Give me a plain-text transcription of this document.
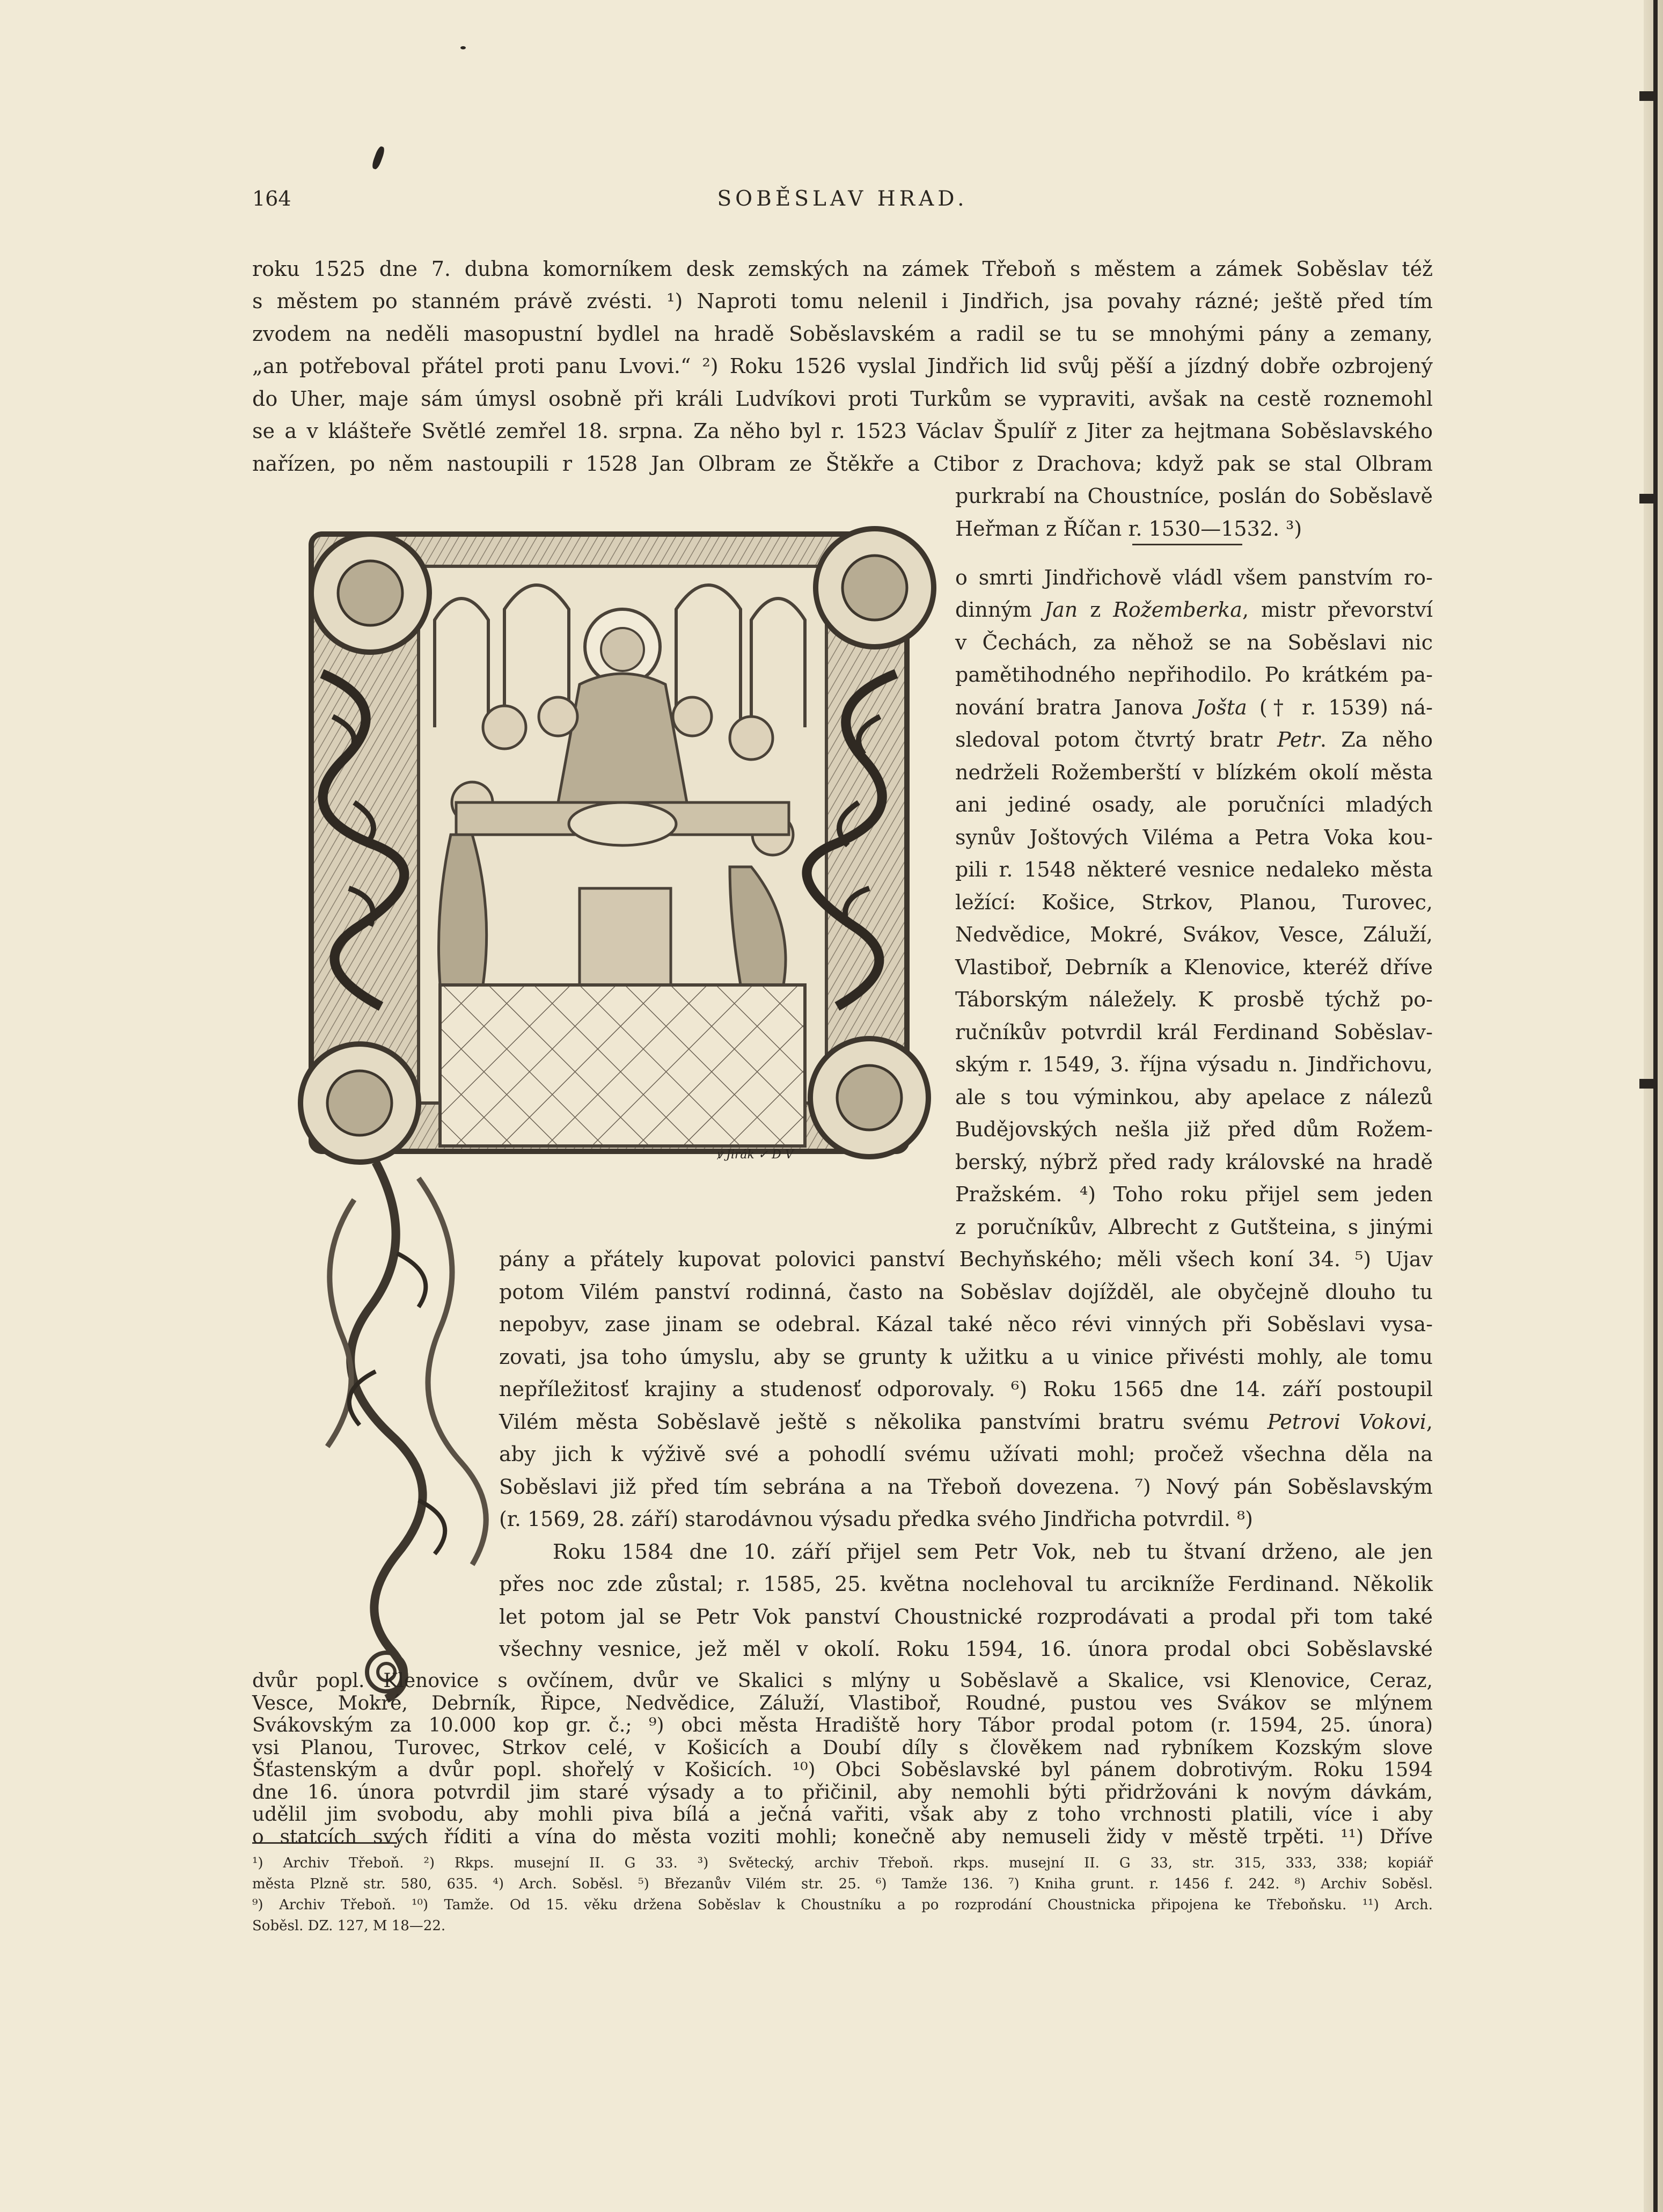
164	SOBĚSLAV HRAD.
roku 1525 dne 7. dubna komorníkem desk zemských na zámek Třeboň s městem a zámek Soběslav též
s městem po stanném právě zvésti. ¹) Naproti tomu nelenil i Jindřich, jsa povahy rázné; ještě před tím
zvodem na neděli masopustní bydlel na hradě Soběslavském a radil se tu se mnohými pány a zemany,
„an potřeboval přátel proti panu Lvovi.“ ²) Roku 1526 vyslal Jindřich lid svůj pěší a jízdný dobře ozbrojený
do Uher, maje sám úmysl osobně při králi Ludvíkovi proti Turkům se vypraviti, avšak na cestě roznemohl
se a v klášteře Světlé zemřel 18. srpna. Za něho byl r. 1523 Václav Špulíř z Jiter za hejtmana Soběslavského
nařízen, po něm nastoupili r 1528 Jan Olbram ze Štěkře a Ctibor z Drachova; když pak se stal Olbram
purkrabí na Choustníce, poslán do Soběslavě
Heřman z Říčan r. 1530—1532. ³)
o smrti Jindřichově vládl všem panstvím ro-
dinným Jan z Rožemberka, mistr převorství
v Čechách, za něhož se na Soběslavi nic
pamětihodného nepřihodilo. Po krátkém pa-
nování bratra Janova Jošta († r. 1539) ná-
sledoval potom čtvrtý bratr Petr. Za něho
nedrželi Rožemberští v blízkém okolí města
ani jediné osady, ale poručníci mladých
synův Joštových Viléma a Petra Voka kou-
pili r. 1548 některé vesnice nedaleko města
ležící: Košice, Strkov, Planou, Turovec,
Nedvědice, Mokré, Svákov, Vesce, Záluží,
Vlastiboř, Debrník a Klenovice, kteréž dříve
Táborským náležely. K prosbě týchž po-
ručníkův potvrdil král Ferdinand Soběslav-
ským r. 1549, 3. října výsadu n. Jindřichovu,
ale s tou výminkou, aby apelace z nálezů
Budějovských nešla již před dům Rožem-
berský, nýbrž před rady královské na hradě
Pražském. ⁴) Toho roku přijel sem jeden
z poručníkův, Albrecht z Gutšteina, s jinými
pány a přátely kupovat polovici panství Bechyňského; měli všech koní 34. ⁵) Ujav
potom Vilém panství rodinná, často na Soběslav dojížděl, ale obyčejně dlouho tu
nepobyv, zase jinam se odebral. Kázal také něco révi vinných při Soběslavi vysa-
zovati, jsa toho úmyslu, aby se grunty k užitku a u vinice přivésti mohly, ale tomu
nepříležitosť krajiny a studenosť odporovaly. ⁶) Roku 1565 dne 14. září postoupil
Vilém města Soběslavě ještě s několika panstvími bratru svému Petrovi Vokovi,
aby jich k výživě své a pohodlí svému užívati mohl; pročež všechna děla na
Soběslavi již před tím sebrána a na Třeboň dovezena. ⁷) Nový pán Soběslavským
(r. 1569, 28. září) starodávnou výsadu předka svého Jindřicha potvrdil. ⁸)
Roku 1584 dne 10. září přijel sem Petr Vok, neb tu štvaní drženo, ale jen
přes noc zde zůstal; r. 1585, 25. května noclehoval tu arcikníže Ferdinand. Několik
let potom jal se Petr Vok panství Choustnické rozprodávati a prodal při tom také
všechny vesnice, jež měl v okolí. Roku 1594, 16. února prodal obci Soběslavské
¹) Archiv Třeboň. ²) Rkps. musejní II. G 33. ³) Světecký, archiv Třeboň. rkps. musejní II. G 33, str. 315, 333, 338; kopiář
města Plzně str. 580, 635. ⁴) Arch. Sobě‌sl. ⁵) Březanův Vilém str. 25. ⁶) Tamže 136. ⁷) Kniha grunt. r. 1456 f. 242. ⁸) Archiv Sobě‌sl.
⁹) Archiv Třeboň. ¹⁰) Tamže. Od 15. věku držena Soběslav k Choustníku a po rozprodání Choustnicka připojena ke Třeboňsku. ¹¹) Arch.
Sobě‌sl. DZ. 127, M 18—22.
ꝟ Jirák ✓ D V
dvůr popl. Klenovice s ovčínem, dvůr ve Skalici s mlýny u Soběslavě a Skalice, vsi Klenovice, Ceraz,
Vesce, Mokré, Debrník, Řipce, Nedvědice, Záluží, Vlastiboř, Roudné, pustou ves Svákov se mlýnem
Svákovským za 10.000 kop gr. č.; ⁹) obci města Hradiště hory Tábor prodal potom (r. 1594, 25. února)
vsi Planou, Turovec, Strkov celé, v Košicích a Doubí díly s člověkem nad rybníkem Kozským slove
Šťastenským a dvůr popl. shořelý v Košicích. ¹⁰) Obci Soběslavské byl pánem dobrotivým. Roku 1594
dne 16. února potvrdil jim staré výsady a to přičinil, aby nemohli býti přidržováni k novým dávkám,
udělil jim svobodu, aby mohli piva bílá a ječná vařiti, však aby z toho vrchnosti platili, více i aby
o statcích svých říditi a vína do města voziti mohli; konečně aby nemuseli židy v městě trpěti. ¹¹) Dříve
